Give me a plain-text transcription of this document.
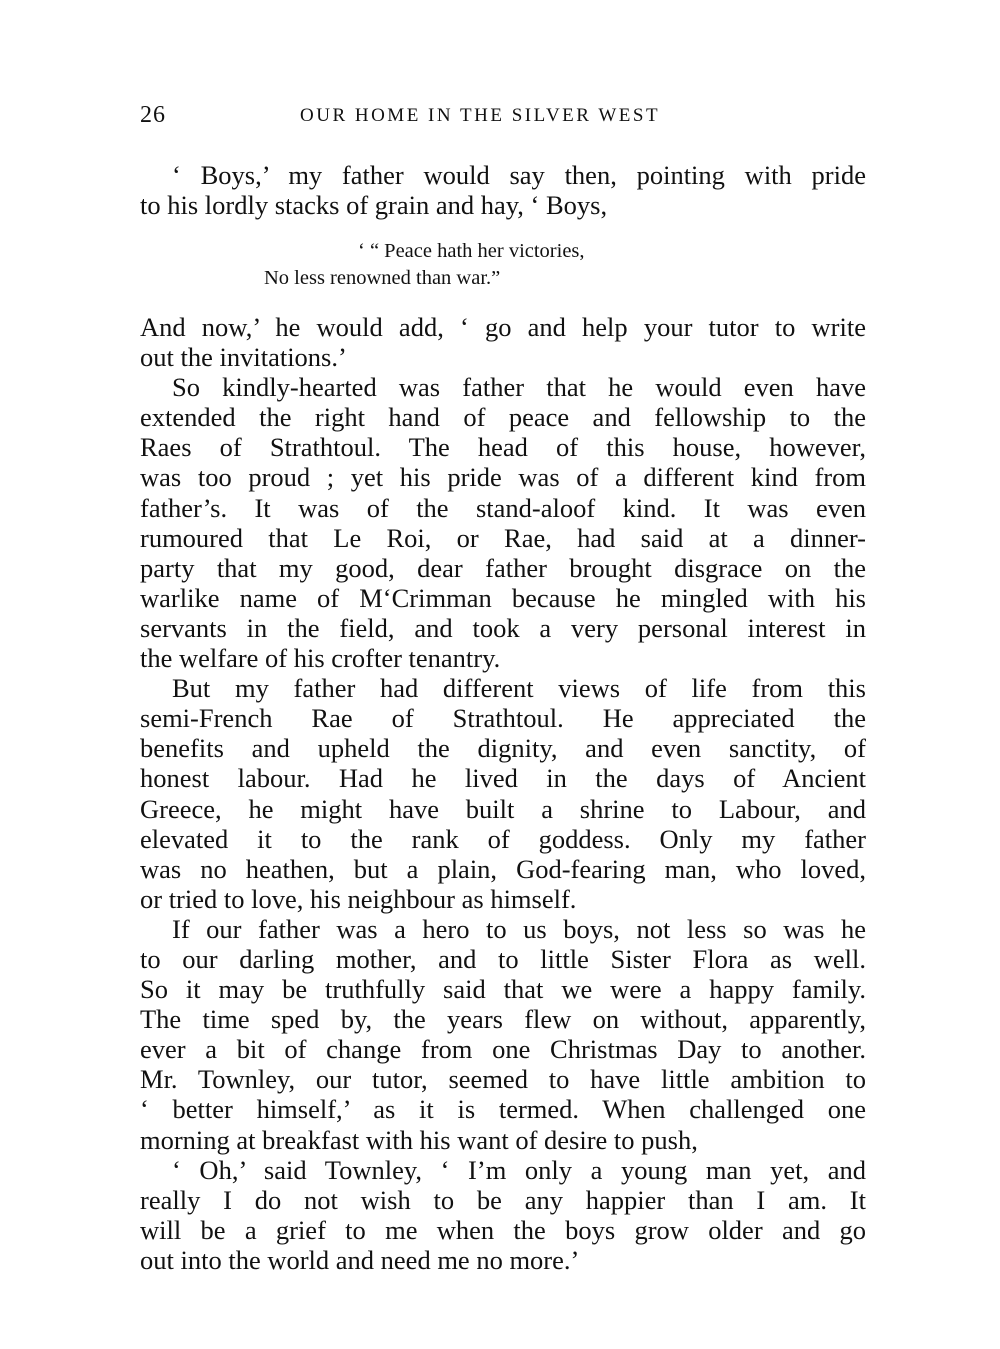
26	OUR HOME IN THE SILVER WEST
‘ Boys,’ my father would say then, pointing with pride
to his lordly stacks of grain and hay, ‘ Boys,
‘ “ Peace hath her victories,
No less renowned than war.”
And now,’ he would add, ‘ go and help your tutor to write
out the invitations.’
So kindly-hearted was father that he would even have
extended the right hand of peace and fellowship to the
Raes of Strathtoul. The head of this house, however,
was too proud ; yet his pride was of a different kind from
father’s. It was of the stand-aloof kind. It was even
rumoured that Le Roi, or Rae, had said at a dinner-
party that my good, dear father brought disgrace on the
warlike name of M‘Crimman because he mingled with his
servants in the field, and took a very personal interest in
the welfare of his crofter tenantry.
But my father had different views of life from this
semi-French Rae of Strathtoul. He appreciated the
benefits and upheld the dignity, and even sanctity, of
honest labour. Had he lived in the days of Ancient
Greece, he might have built a shrine to Labour, and
elevated it to the rank of goddess. Only my father
was no heathen, but a plain, God-fearing man, who loved,
or tried to love, his neighbour as himself.
If our father was a hero to us boys, not less so was he
to our darling mother, and to little Sister Flora as well.
So it may be truthfully said that we were a happy family.
The time sped by, the years flew on without, apparently,
ever a bit of change from one Christmas Day to another.
Mr. Townley, our tutor, seemed to have little ambition to
‘ better himself,’ as it is termed. When challenged one
morning at breakfast with his want of desire to push,
‘ Oh,’ said Townley, ‘ I’m only a young man yet, and
really I do not wish to be any happier than I am. It
will be a grief to me when the boys grow older and go
out into the world and need me no more.’
